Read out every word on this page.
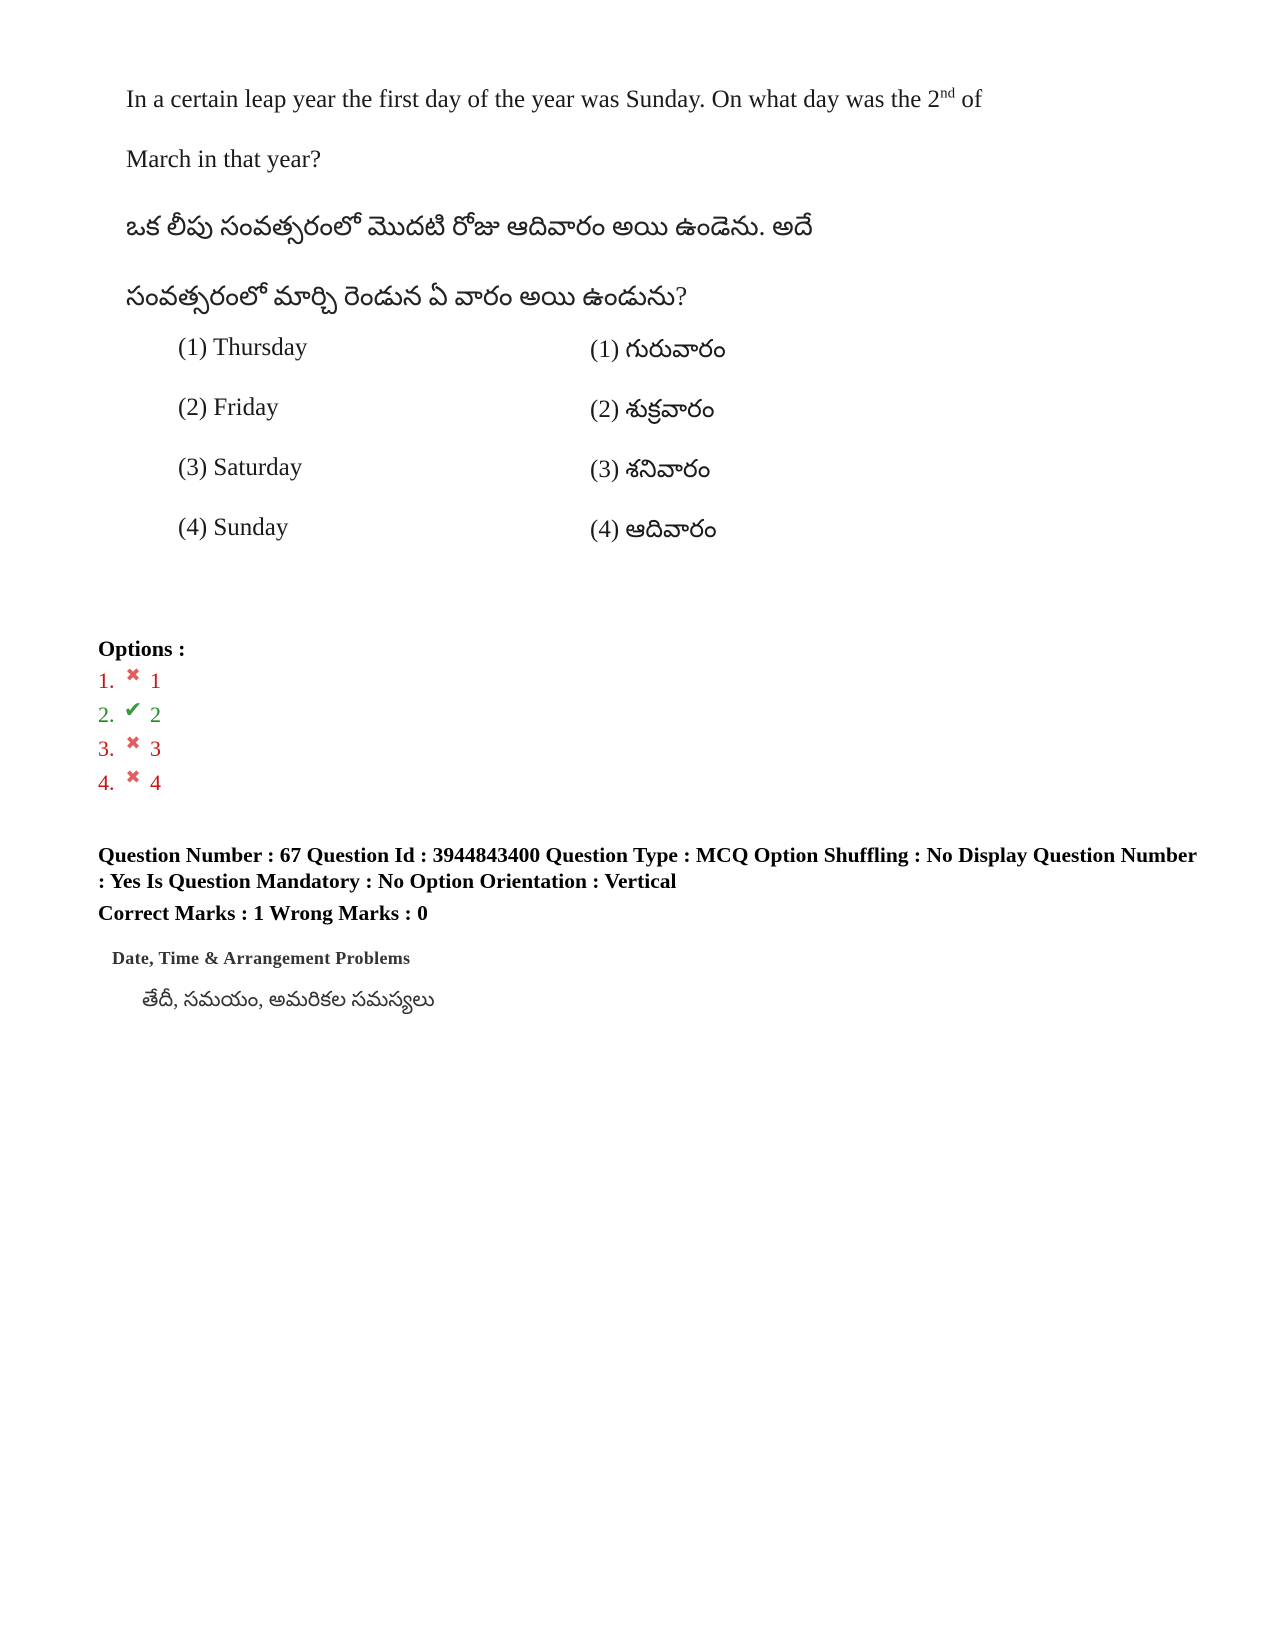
In a certain leap year the first day of the year was Sunday. On what day was the 2nd of
March in that year?
ఒక లీపు సంవత్సరంలో మొదటి రోజు ఆదివారం అయి ఉండెను. అదే
సంవత్సరంలో మార్చి రెండున ఏ వారం అయి ఉండును?
(1) Thursday	(1) గురువారం
(2) Friday	(2) శుక్రవారం
(3) Saturday	(3) శనివారం
(4) Sunday	(4) ఆదివారం
Options :
1. ✖ 1
2. ✔ 2
3. ✖ 3
4. ✖ 4
Question Number : 67 Question Id : 3944843400 Question Type : MCQ Option Shuffling : No Display Question Number : Yes Is Question Mandatory : No Option Orientation : Vertical
Correct Marks : 1 Wrong Marks : 0
Date, Time & Arrangement Problems
తేదీ, సమయం, అమరికల సమస్యలు
